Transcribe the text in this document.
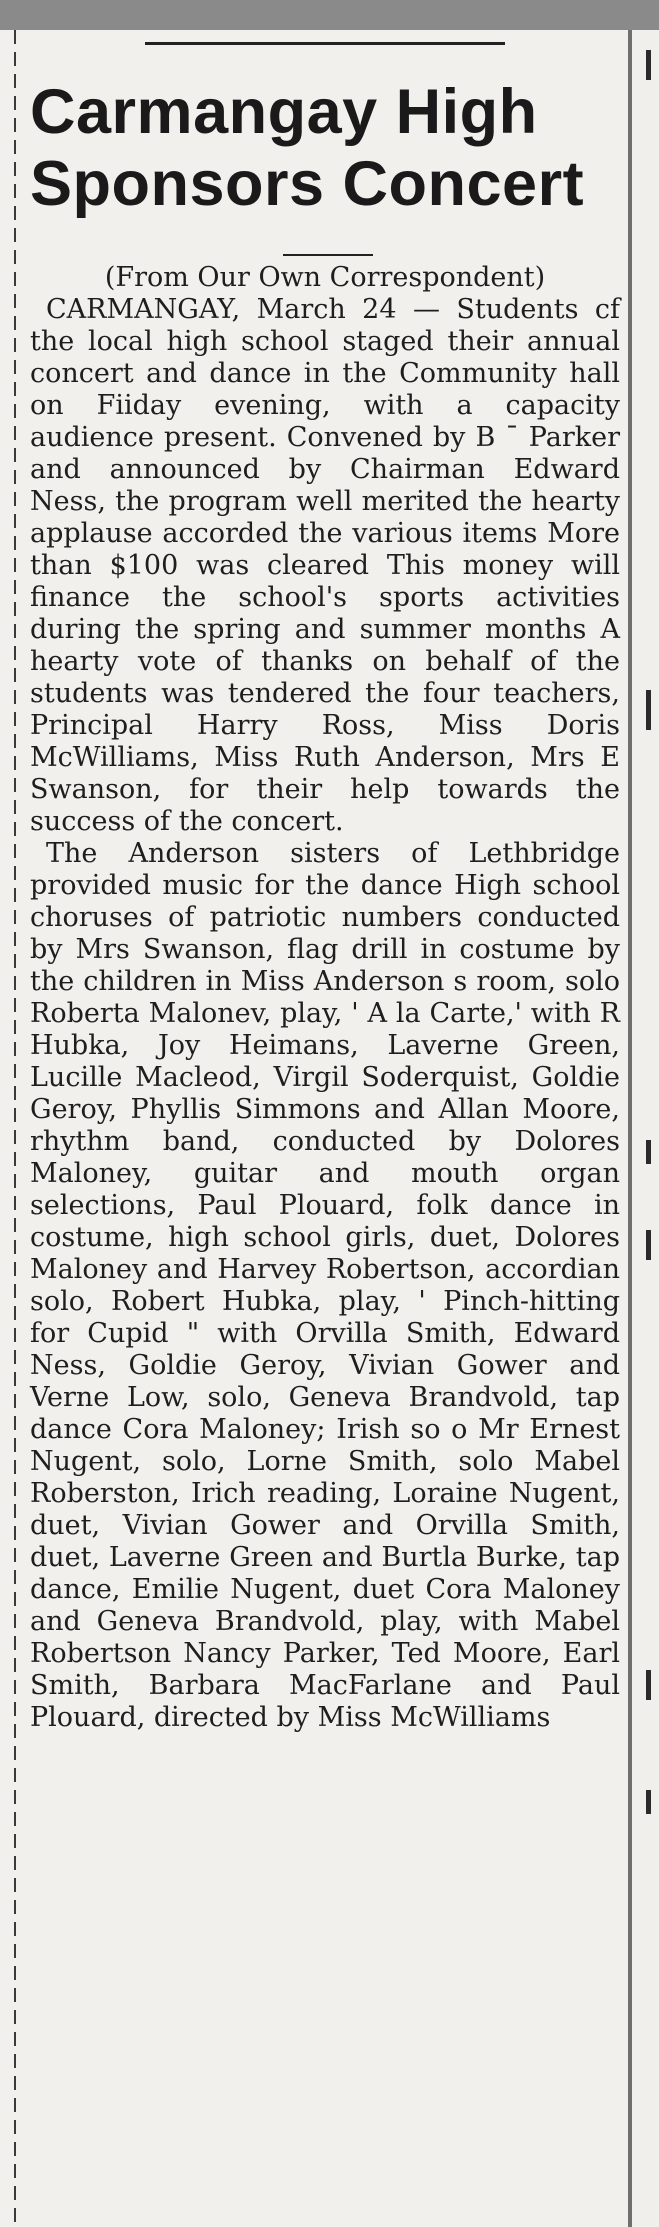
Carmangay High Sponsors Concert
(From Our Own Correspondent)

CARMANGAY, March 24 — Students cf the local high school staged their annual concert and dance in the Community hall on Fiiday evening, with a capacity audience present. Convened by B ˉ Parker and announced by Chairman Edward Ness, the program well merited the hearty applause accorded the various items More than $100 was cleared This money will finance the school's sports activities during the spring and summer months A hearty vote of thanks on behalf of the students was tendered the four teachers, Principal Harry Ross, Miss Doris McWilliams, Miss Ruth Anderson, Mrs E Swanson, for their help towards the success of the concert.

The Anderson sisters of Lethbridge provided music for the dance High school choruses of patriotic numbers conducted by Mrs Swanson, flag drill in costume by the children in Miss Anderson s room, solo Roberta Malonev, play, ' A la Carte,' with R Hubka, Joy Heimans, Laverne Green, Lucille Macleod, Virgil Soderquist, Goldie Geroy, Phyllis Simmons and Allan Moore, rhythm band, conducted by Dolores Maloney, guitar and mouth organ selections, Paul Plouard, folk dance in costume, high school girls, duet, Dolores Maloney and Harvey Robertson, accordian solo, Robert Hubka, play, ' Pinch-hitting for Cupid " with Orvilla Smith, Edward Ness, Goldie Geroy, Vivian Gower and Verne Low, solo, Geneva Brandvold, tap dance Cora Maloney; Irish so o Mr Ernest Nugent, solo, Lorne Smith, solo Mabel Roberston, Irich reading, Loraine Nugent, duet, Vivian Gower and Orvilla Smith, duet, Laverne Green and Burtla Burke, tap dance, Emilie Nugent, duet Cora Maloney and Geneva Brandvold, play, with Mabel Robertson Nancy Parker, Ted Moore, Earl Smith, Barbara MacFarlane and Paul Plouard, directed by Miss McWilliams
